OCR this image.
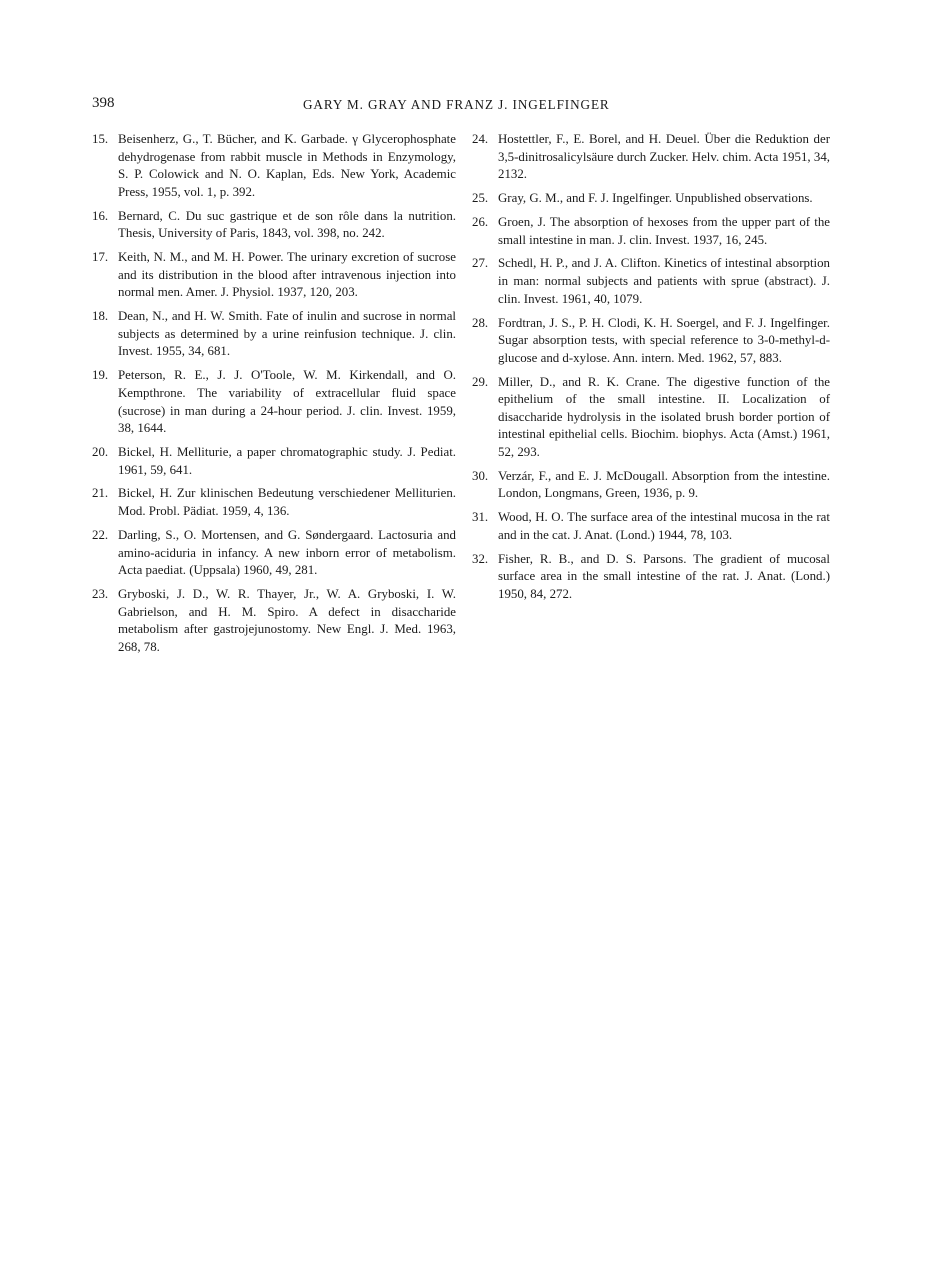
398	GARY M. GRAY AND FRANZ J. INGELFINGER
15. Beisenherz, G., T. Bücher, and K. Garbade. γ Glycerophosphate dehydrogenase from rabbit muscle in Methods in Enzymology, S. P. Colowick and N. O. Kaplan, Eds. New York, Academic Press, 1955, vol. 1, p. 392.
16. Bernard, C. Du suc gastrique et de son rôle dans la nutrition. Thesis, University of Paris, 1843, vol. 398, no. 242.
17. Keith, N. M., and M. H. Power. The urinary excretion of sucrose and its distribution in the blood after intravenous injection into normal men. Amer. J. Physiol. 1937, 120, 203.
18. Dean, N., and H. W. Smith. Fate of inulin and sucrose in normal subjects as determined by a urine reinfusion technique. J. clin. Invest. 1955, 34, 681.
19. Peterson, R. E., J. J. O'Toole, W. M. Kirkendall, and O. Kempthrone. The variability of extracellular fluid space (sucrose) in man during a 24-hour period. J. clin. Invest. 1959, 38, 1644.
20. Bickel, H. Melliturie, a paper chromatographic study. J. Pediat. 1961, 59, 641.
21. Bickel, H. Zur klinischen Bedeutung verschiedener Melliturien. Mod. Probl. Pädiat. 1959, 4, 136.
22. Darling, S., O. Mortensen, and G. Søndergaard. Lactosuria and amino-aciduria in infancy. A new inborn error of metabolism. Acta paediat. (Uppsala) 1960, 49, 281.
23. Gryboski, J. D., W. R. Thayer, Jr., W. A. Gryboski, I. W. Gabrielson, and H. M. Spiro. A defect in disaccharide metabolism after gastrojejunostomy. New Engl. J. Med. 1963, 268, 78.
24. Hostettler, F., E. Borel, and H. Deuel. Über die Reduktion der 3,5-dinitrosalicylsäure durch Zucker. Helv. chim. Acta 1951, 34, 2132.
25. Gray, G. M., and F. J. Ingelfinger. Unpublished observations.
26. Groen, J. The absorption of hexoses from the upper part of the small intestine in man. J. clin. Invest. 1937, 16, 245.
27. Schedl, H. P., and J. A. Clifton. Kinetics of intestinal absorption in man: normal subjects and patients with sprue (abstract). J. clin. Invest. 1961, 40, 1079.
28. Fordtran, J. S., P. H. Clodi, K. H. Soergel, and F. J. Ingelfinger. Sugar absorption tests, with special reference to 3-0-methyl-d-glucose and d-xylose. Ann. intern. Med. 1962, 57, 883.
29. Miller, D., and R. K. Crane. The digestive function of the epithelium of the small intestine. II. Localization of disaccharide hydrolysis in the isolated brush border portion of intestinal epithelial cells. Biochim. biophys. Acta (Amst.) 1961, 52, 293.
30. Verzár, F., and E. J. McDougall. Absorption from the intestine. London, Longmans, Green, 1936, p. 9.
31. Wood, H. O. The surface area of the intestinal mucosa in the rat and in the cat. J. Anat. (Lond.) 1944, 78, 103.
32. Fisher, R. B., and D. S. Parsons. The gradient of mucosal surface area in the small intestine of the rat. J. Anat. (Lond.) 1950, 84, 272.
